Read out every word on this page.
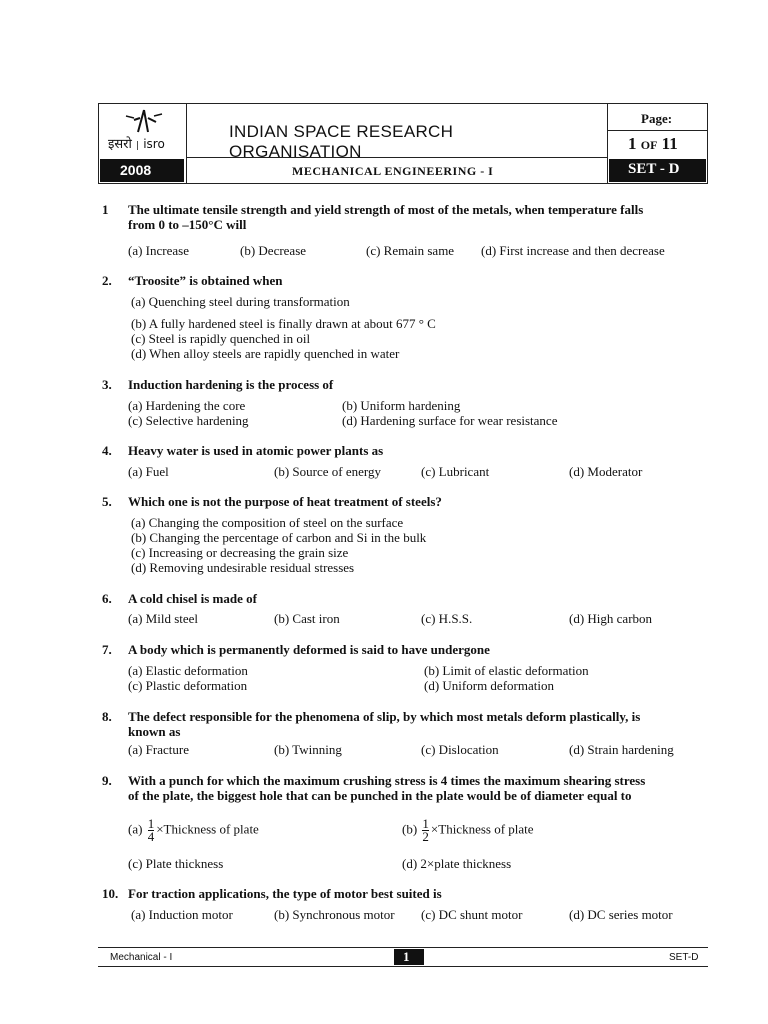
इसरो | isro
INDIAN SPACE RESEARCH ORGANISATION
2008	MECHANICAL ENGINEERING - I
Page:
1 OF 11
SET - D
1 The ultimate tensile strength and yield strength of most of the metals, when temperature falls
from 0 to –150°C will
(a) Increase	(b) Decrease	(c) Remain same (d) First increase and then decrease
2. “Troosite” is obtained when
(a) Quenching steel during transformation
(b) A fully hardened steel is finally drawn at about 677 ° C
(c) Steel is rapidly quenched in oil
(d) When alloy steels are rapidly quenched in water
3. Induction hardening is the process of
(a) Hardening the core	(b) Uniform hardening
(c) Selective hardening	(d) Hardening surface for wear resistance
4. Heavy water is used in atomic power plants as
(a) Fuel	(b) Source of energy	(c) Lubricant	(d) Moderator
5. Which one is not the purpose of heat treatment of steels?
(a) Changing the composition of steel on the surface
(b) Changing the percentage of carbon and Si in the bulk
(c) Increasing or decreasing the grain size
(d) Removing undesirable residual stresses
6. A cold chisel is made of
(a) Mild steel	(b) Cast iron	(c) H.S.S.	(d) High carbon
7. A body which is permanently deformed is said to have undergone
(a) Elastic deformation	(b) Limit of elastic deformation
(c) Plastic deformation	(d) Uniform deformation
8. The defect responsible for the phenomena of slip, by which most metals deform plastically, is
known as
(a) Fracture	(b) Twinning	(c) Dislocation	(d) Strain hardening
9. With a punch for which the maximum crushing stress is 4 times the maximum shearing stress
of the plate, the biggest hole that can be punched in the plate would be of diameter equal to
$(a) \frac{1}{4}$ ×Thickness of plate	$(b) \frac{1}{2}$ ×Thickness of plate
(c) Plate thickness	(d) 2×plate thickness
10. For traction applications, the type of motor best suited is
(a) Induction motor	(b) Synchronous motor (c) DC shunt motor	(d) DC series motor
Mechanical - I	1	SET-D
